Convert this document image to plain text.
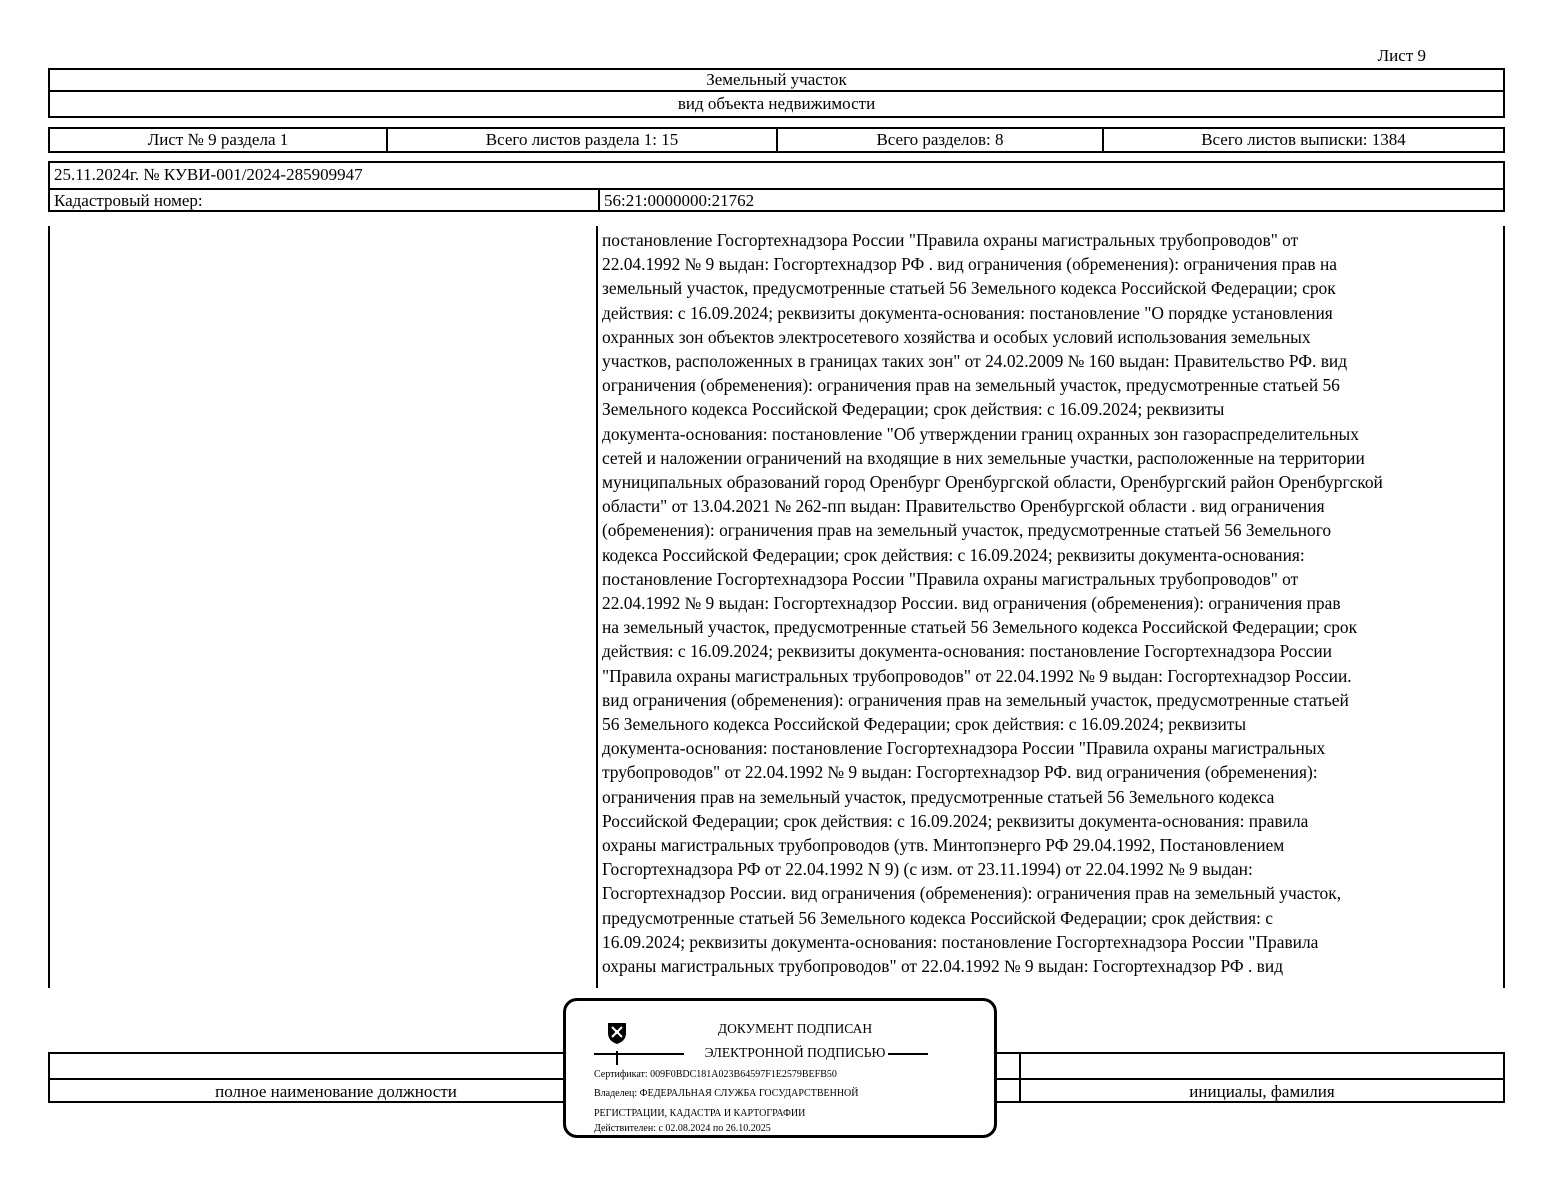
Лист 9
Земельный участок
вид объекта недвижимости
Лист № 9 раздела 1	Всего листов раздела 1: 15	Всего разделов: 8	Всего листов выписки: 1384
25.11.2024г. № КУВИ-001/2024-285909947
Кадастровый номер:	56:21:0000000:21762
постановление Госгортехнадзора России "Правила охраны магистральных трубопроводов" от
22.04.1992 № 9 выдан: Госгортехнадзор РФ . вид ограничения (обременения): ограничения прав на
земельный участок, предусмотренные статьей 56 Земельного кодекса Российской Федерации; срок
действия: с 16.09.2024; реквизиты документа-основания: постановление "О порядке установления
охранных зон объектов электросетевого хозяйства и особых условий использования земельных
участков, расположенных в границах таких зон" от 24.02.2009 № 160 выдан: Правительство РФ. вид
ограничения (обременения): ограничения прав на земельный участок, предусмотренные статьей 56
Земельного кодекса Российской Федерации; срок действия: с 16.09.2024; реквизиты
документа-основания: постановление "Об утверждении границ охранных зон газораспределительных
сетей и наложении ограничений на входящие в них земельные участки, расположенные на территории
муниципальных образований город Оренбург Оренбургской области, Оренбургский район Оренбургской
области" от 13.04.2021 № 262-пп выдан: Правительство Оренбургской области . вид ограничения
(обременения): ограничения прав на земельный участок, предусмотренные статьей 56 Земельного
кодекса Российской Федерации; срок действия: с 16.09.2024; реквизиты документа-основания:
постановление Госгортехнадзора России "Правила охраны магистральных трубопроводов" от
22.04.1992 № 9 выдан: Госгортехнадзор России. вид ограничения (обременения): ограничения прав
на земельный участок, предусмотренные статьей 56 Земельного кодекса Российской Федерации; срок
действия: с 16.09.2024; реквизиты документа-основания: постановление Госгортехнадзора России
"Правила охраны магистральных трубопроводов" от 22.04.1992 № 9 выдан: Госгортехнадзор России.
вид ограничения (обременения): ограничения прав на земельный участок, предусмотренные статьей
56 Земельного кодекса Российской Федерации; срок действия: с 16.09.2024; реквизиты
документа-основания: постановление Госгортехнадзора России "Правила охраны магистральных
трубопроводов" от 22.04.1992 № 9 выдан: Госгортехнадзор РФ. вид ограничения (обременения):
ограничения прав на земельный участок, предусмотренные статьей 56 Земельного кодекса
Российской Федерации; срок действия: с 16.09.2024; реквизиты документа-основания: правила
охраны магистральных трубопроводов (утв. Минтопэнерго РФ 29.04.1992, Постановлением
Госгортехнадзора РФ от 22.04.1992 N 9) (с изм. от 23.11.1994) от 22.04.1992 № 9 выдан:
Госгортехнадзор России. вид ограничения (обременения): ограничения прав на земельный участок,
предусмотренные статьей 56 Земельного кодекса Российской Федерации; срок действия: с
16.09.2024; реквизиты документа-основания: постановление Госгортехнадзора России "Правила
охраны магистральных трубопроводов" от 22.04.1992 № 9 выдан: Госгортехнадзор РФ . вид
полное наименование должности	инициалы, фамилия
ДОКУМЕНТ ПОДПИСАН
ЭЛЕКТРОННОЙ ПОДПИСЬЮ
Сертификат: 009F0BDC181A023B64597F1E2579BEFB50
Владелец: ФЕДЕРАЛЬНАЯ СЛУЖБА ГОСУДАРСТВЕННОЙ
РЕГИСТРАЦИИ, КАДАСТРА И КАРТОГРАФИИ
Действителен: с 02.08.2024 по 26.10.2025
